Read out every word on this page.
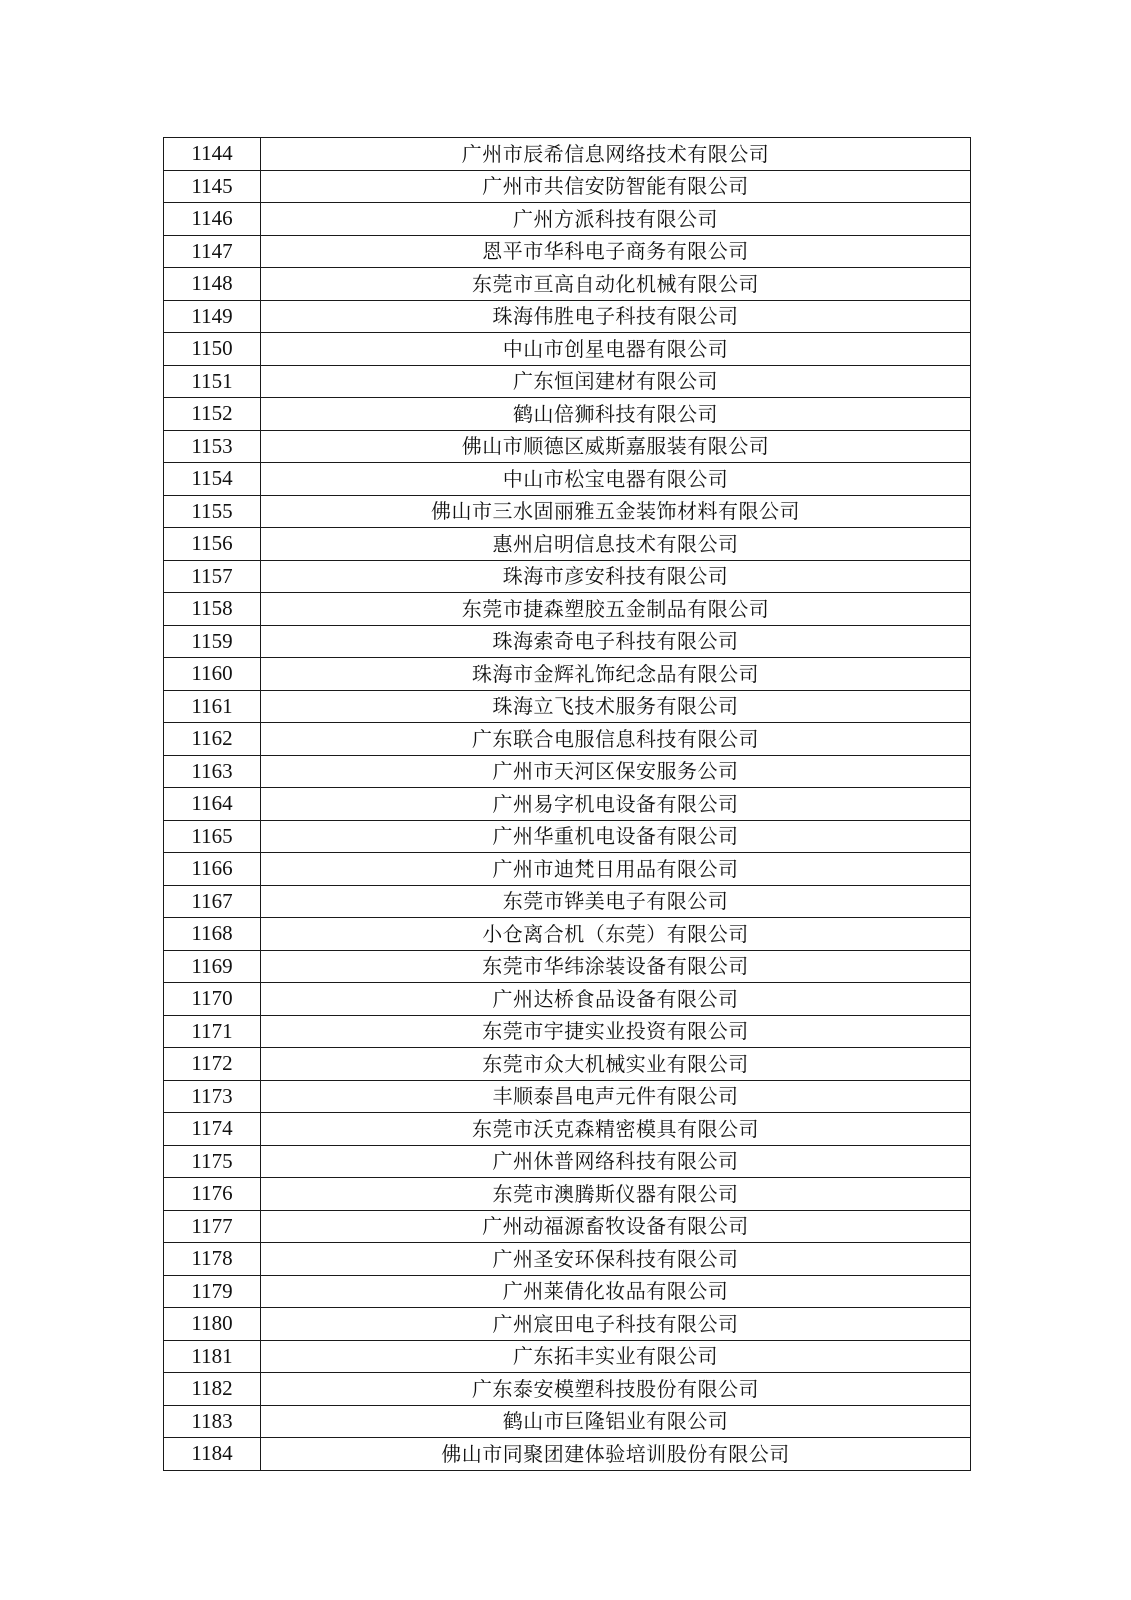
1144	广州市辰希信息网络技术有限公司
1145	广州市共信安防智能有限公司
1146	广州方派科技有限公司
1147	恩平市华科电子商务有限公司
1148	东莞市亘高自动化机械有限公司
1149	珠海伟胜电子科技有限公司
1150	中山市创星电器有限公司
1151	广东恒闰建材有限公司
1152	鹤山倍狮科技有限公司
1153	佛山市顺德区威斯嘉服装有限公司
1154	中山市松宝电器有限公司
1155	佛山市三水固丽雅五金装饰材料有限公司
1156	惠州启明信息技术有限公司
1157	珠海市彦安科技有限公司
1158	东莞市捷森塑胶五金制品有限公司
1159	珠海索奇电子科技有限公司
1160	珠海市金辉礼饰纪念品有限公司
1161	珠海立飞技术服务有限公司
1162	广东联合电服信息科技有限公司
1163	广州市天河区保安服务公司
1164	广州易字机电设备有限公司
1165	广州华重机电设备有限公司
1166	广州市迪梵日用品有限公司
1167	东莞市铧美电子有限公司
1168	小仓离合机（东莞）有限公司
1169	东莞市华纬涂装设备有限公司
1170	广州达桥食品设备有限公司
1171	东莞市宇捷实业投资有限公司
1172	东莞市众大机械实业有限公司
1173	丰顺泰昌电声元件有限公司
1174	东莞市沃克森精密模具有限公司
1175	广州休普网络科技有限公司
1176	东莞市澳腾斯仪器有限公司
1177	广州动福源畜牧设备有限公司
1178	广州圣安环保科技有限公司
1179	广州莱倩化妆品有限公司
1180	广州宸田电子科技有限公司
1181	广东拓丰实业有限公司
1182	广东泰安模塑科技股份有限公司
1183	鹤山市巨隆铝业有限公司
1184	佛山市同聚团建体验培训股份有限公司
